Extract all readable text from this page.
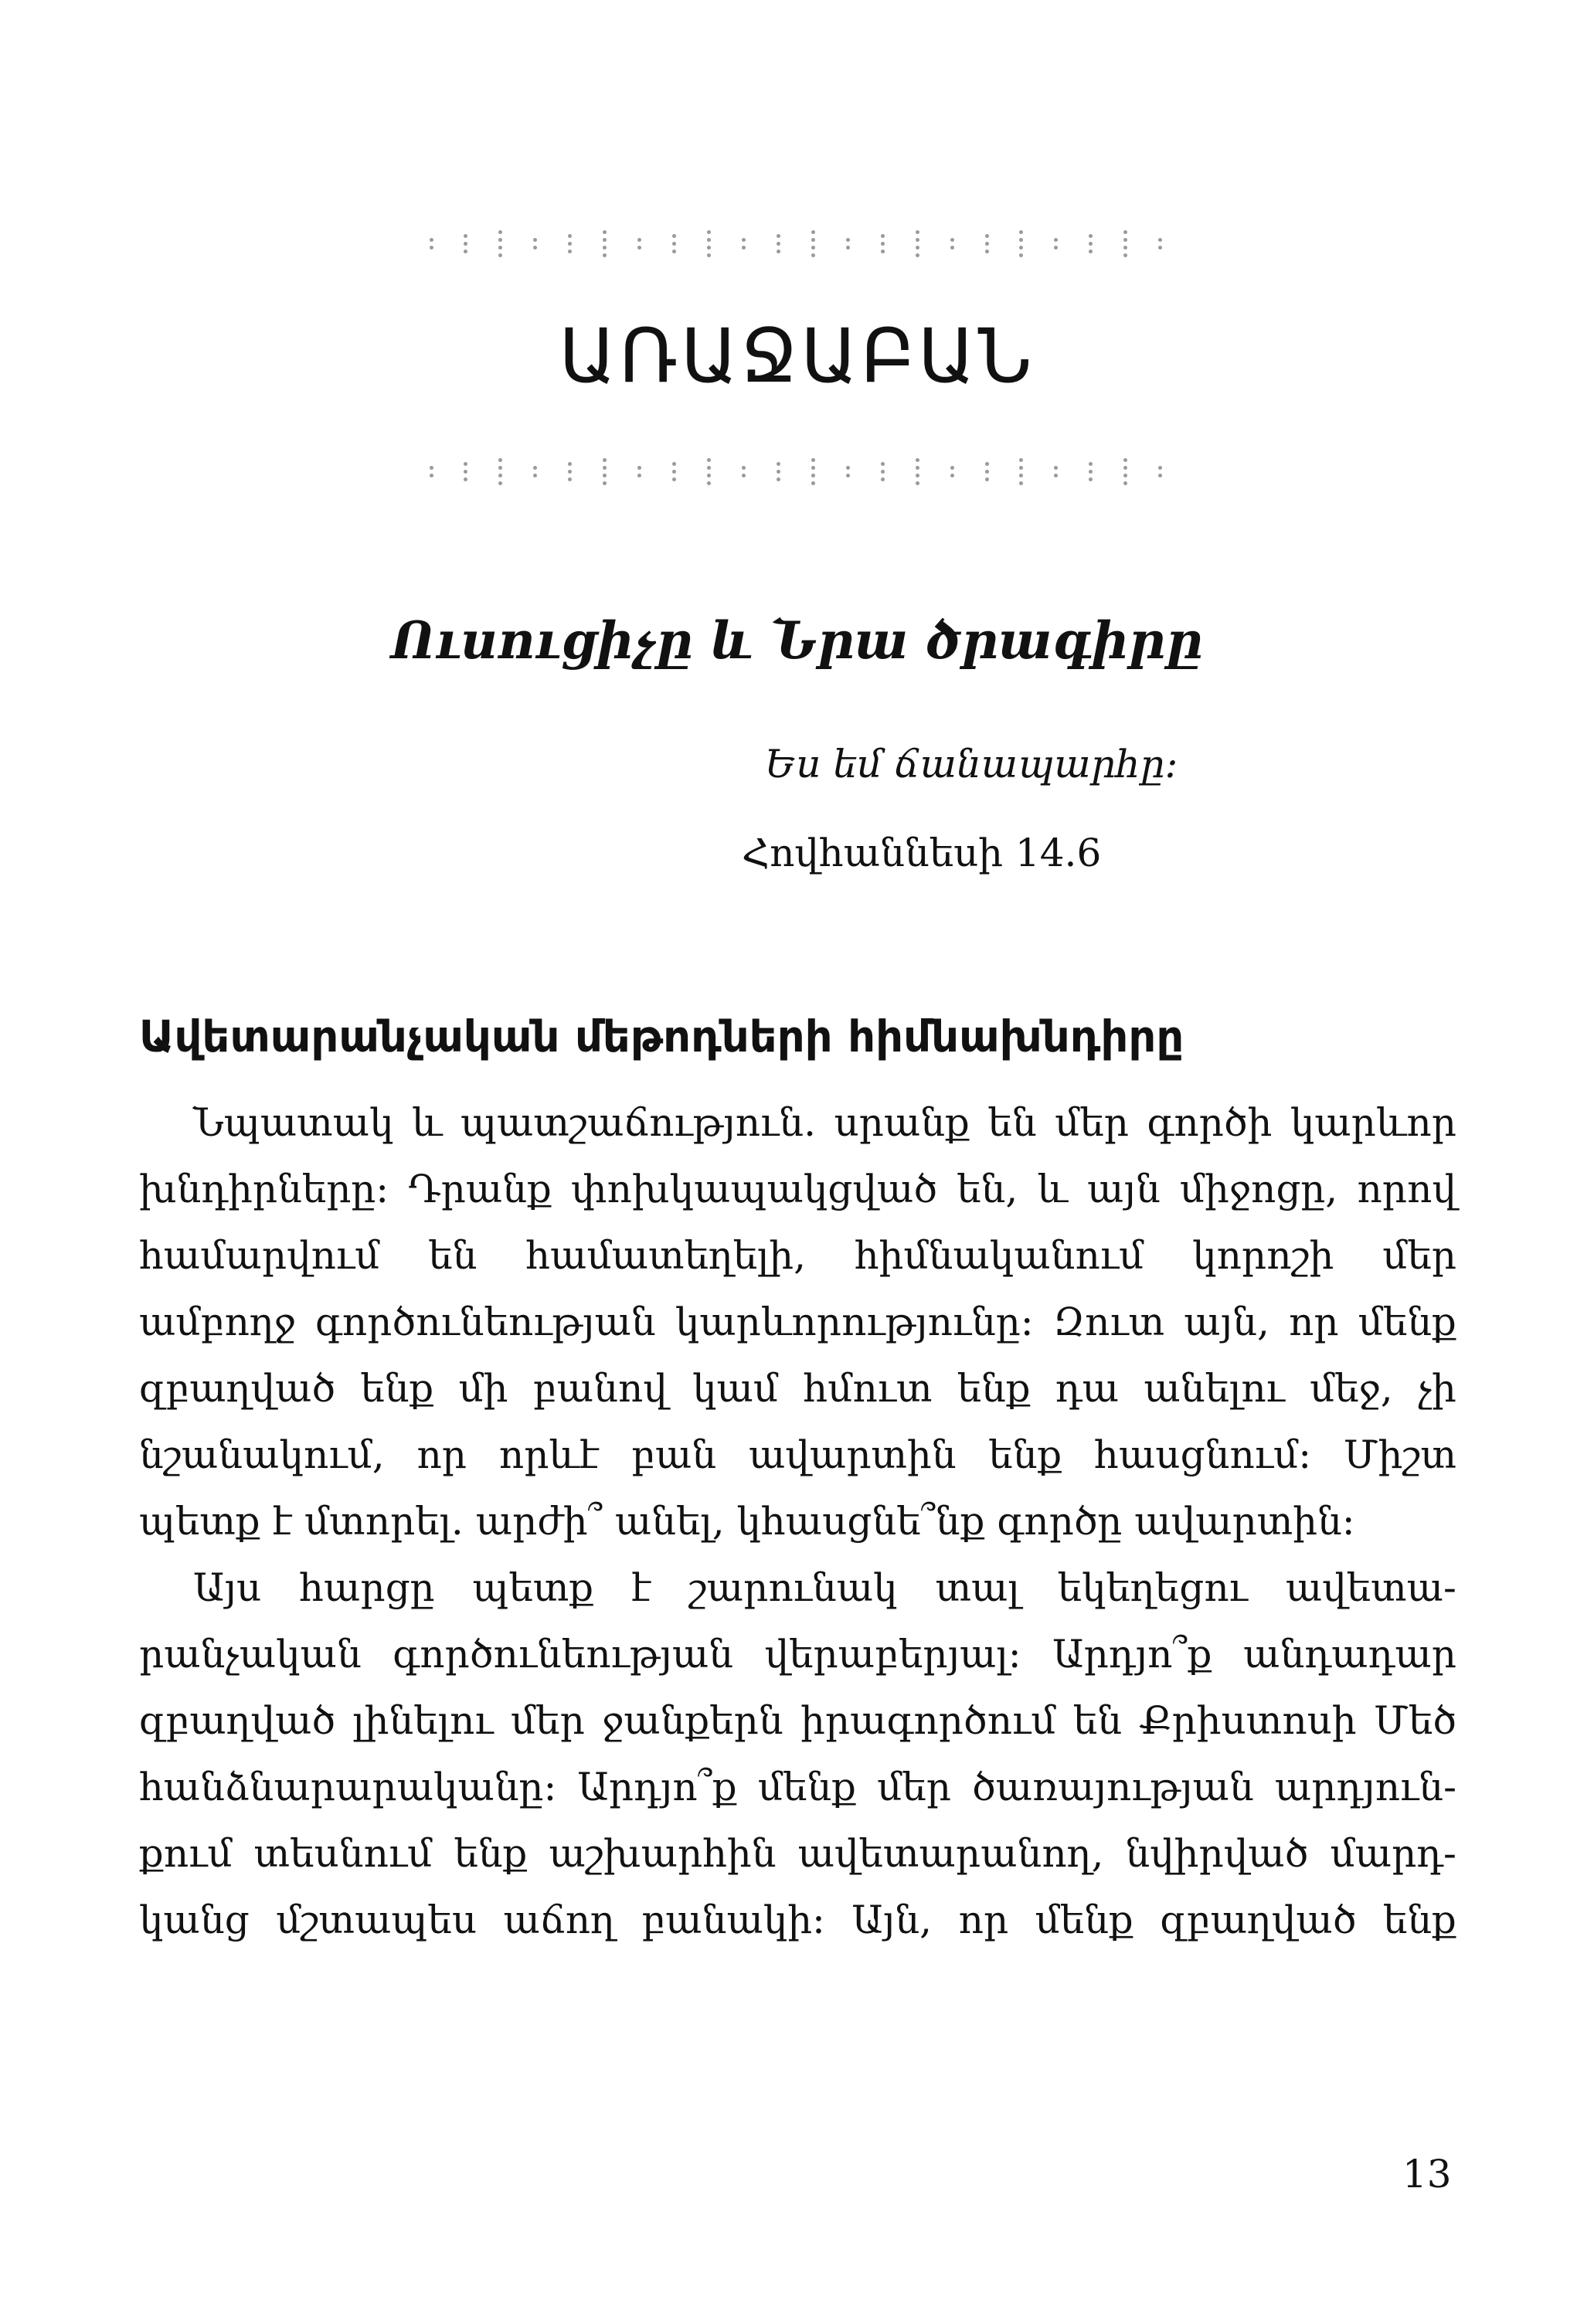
ԱՌԱՋԱԲԱՆ
Ուսուցիչը և Նրա ծրագիրը

Ես եմ ճանապարհը:

Հովհաննեսի 14.6

Ավետարանչական մեթոդների հիմնախնդիրը
Նպատակ և պատշաճություն. սրանք են մեր գործի կարևոր
խնդիրները: Դրանք փոխկապակցված են, և այն միջոցը, որով
համարվում են համատեղելի, հիմնականում կորոշի մեր
ամբողջ գործունեության կարևորությունը: Զուտ այն, որ մենք
զբաղված ենք մի բանով կամ հմուտ ենք դա անելու մեջ, չի
նշանակում, որ որևէ բան ավարտին ենք հասցնում: Միշտ
պետք է մտորել. արժի՞ անել, կհասցնե՞նք գործը ավարտին:
Այս հարցը պետք է շարունակ տալ եկեղեցու ավետա-
րանչական գործունեության վերաբերյալ: Արդյո՞ք անդադար
զբաղված լինելու մեր ջանքերն իրագործում են Քրիստոսի Մեծ
հանձնարարականը: Արդյո՞ք մենք մեր ծառայության արդյուն-
քում տեսնում ենք աշխարհին ավետարանող, նվիրված մարդ-
կանց մշտապես աճող բանակի: Այն, որ մենք զբաղված ենք

13
